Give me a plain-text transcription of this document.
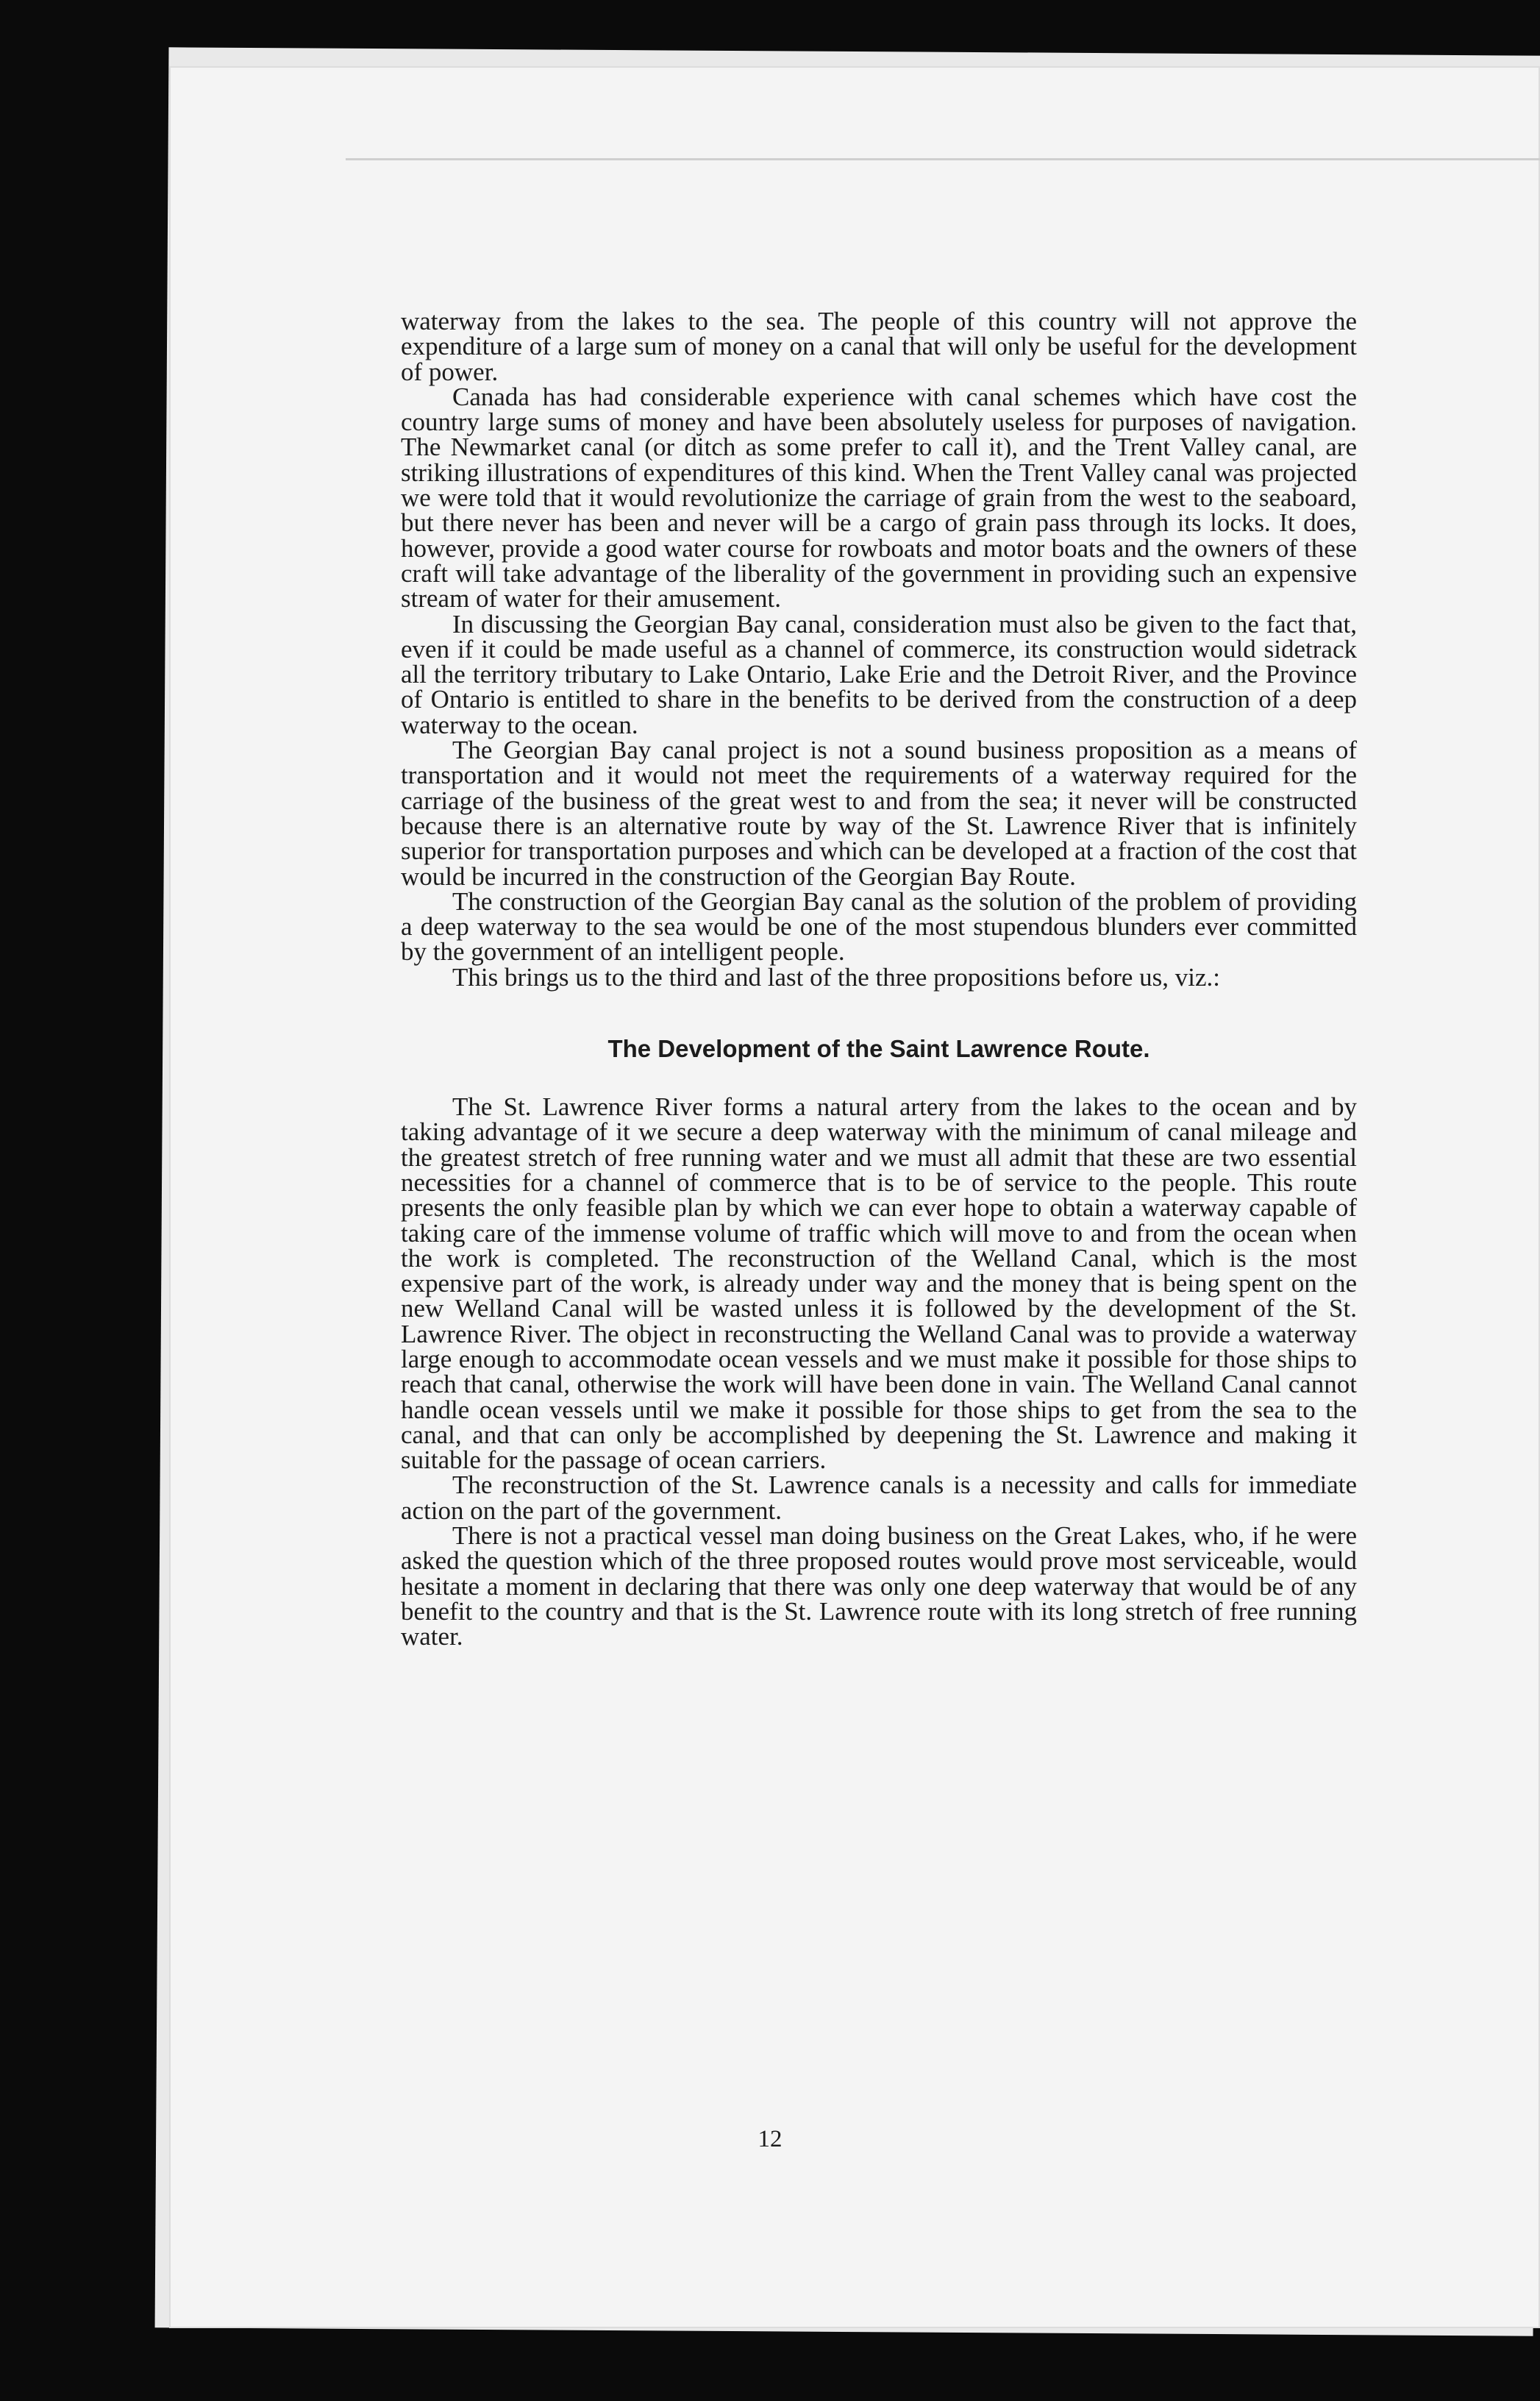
waterway from the lakes to the sea. The people of this country will not approve the expenditure of a large sum of money on a canal that will only be useful for the development of power.

Canada has had considerable experience with canal schemes which have cost the country large sums of money and have been absolutely useless for purposes of navigation. The Newmarket canal (or ditch as some prefer to call it), and the Trent Valley canal, are striking illustrations of expenditures of this kind. When the Trent Valley canal was projected we were told that it would revolutionize the carriage of grain from the west to the seaboard, but there never has been and never will be a cargo of grain pass through its locks. It does, however, provide a good water course for rowboats and motor boats and the owners of these craft will take advantage of the liberality of the government in providing such an expensive stream of water for their amusement.

In discussing the Georgian Bay canal, consideration must also be given to the fact that, even if it could be made useful as a channel of commerce, its construction would sidetrack all the territory tributary to Lake Ontario, Lake Erie and the Detroit River, and the Province of Ontario is entitled to share in the benefits to be derived from the construction of a deep waterway to the ocean.

The Georgian Bay canal project is not a sound business proposition as a means of transportation and it would not meet the requirements of a waterway required for the carriage of the business of the great west to and from the sea; it never will be constructed because there is an alternative route by way of the St. Lawrence River that is infinitely superior for transportation purposes and which can be developed at a fraction of the cost that would be incurred in the construction of the Georgian Bay Route.

The construction of the Georgian Bay canal as the solution of the problem of providing a deep waterway to the sea would be one of the most stupendous blunders ever committed by the government of an intelligent people.

This brings us to the third and last of the three propositions before us, viz.:

The Development of the Saint Lawrence Route.

The St. Lawrence River forms a natural artery from the lakes to the ocean and by taking advantage of it we secure a deep waterway with the minimum of canal mileage and the greatest stretch of free running water and we must all admit that these are two essential necessities for a channel of commerce that is to be of service to the people. This route presents the only feasible plan by which we can ever hope to obtain a waterway capable of taking care of the immense volume of traffic which will move to and from the ocean when the work is completed. The reconstruction of the Welland Canal, which is the most expensive part of the work, is already under way and the money that is being spent on the new Welland Canal will be wasted unless it is followed by the development of the St. Lawrence River. The object in reconstructing the Welland Canal was to provide a waterway large enough to accommodate ocean vessels and we must make it possible for those ships to reach that canal, otherwise the work will have been done in vain. The Welland Canal cannot handle ocean vessels until we make it possible for those ships to get from the sea to the canal, and that can only be accomplished by deepening the St. Lawrence and making it suitable for the passage of ocean carriers.

The reconstruction of the St. Lawrence canals is a necessity and calls for immediate action on the part of the government.

There is not a practical vessel man doing business on the Great Lakes, who, if he were asked the question which of the three proposed routes would prove most serviceable, would hesitate a moment in declaring that there was only one deep waterway that would be of any benefit to the country and that is the St. Lawrence route with its long stretch of free running water.

12
